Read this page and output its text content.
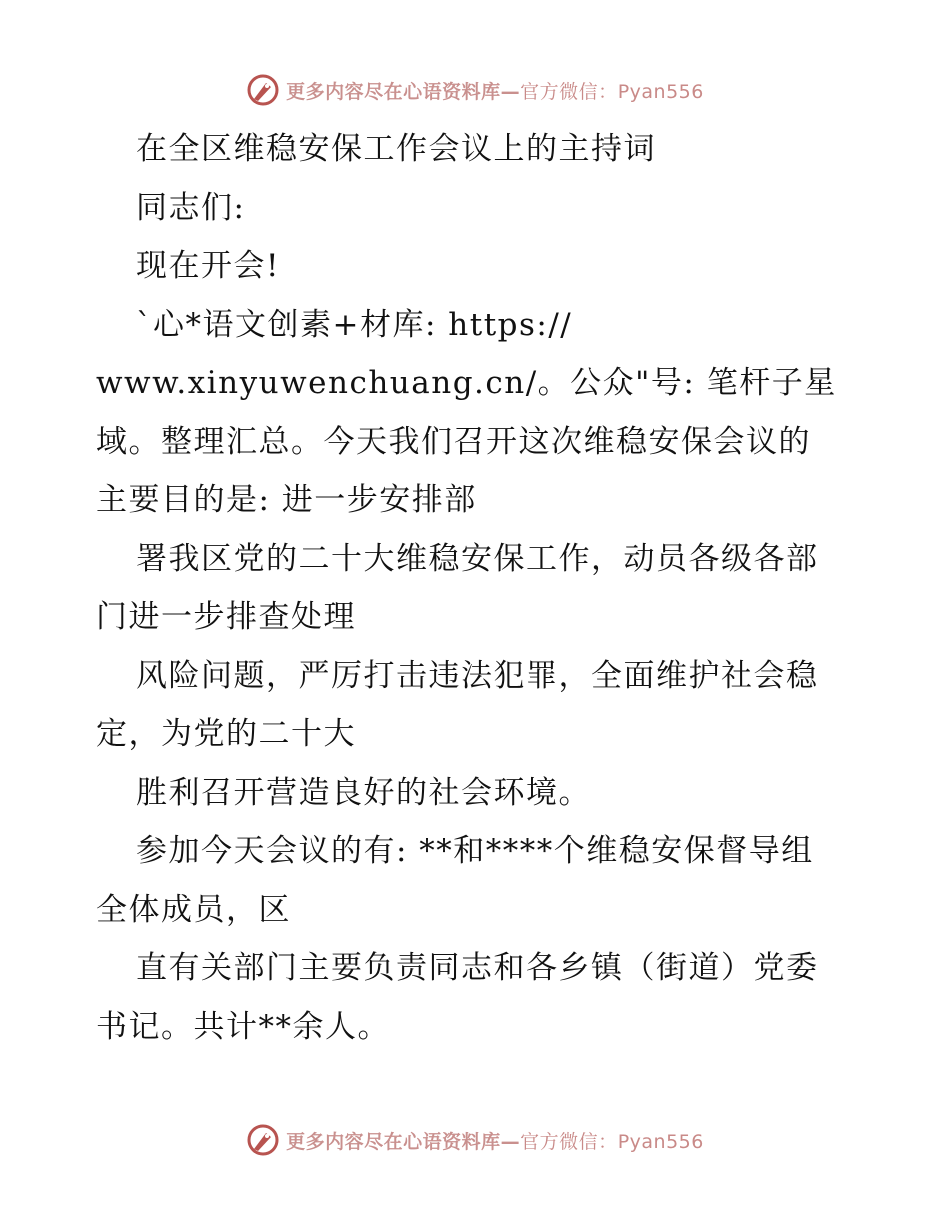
更多内容尽在心语资料库—官方微信：Pyan556
在全区维稳安保工作会议上的主持词
同志们:
现在开会!
`心*语文创素+材库: https://
www.xinyuwenchuang.cn/。公众"号: 笔杆子星
域。整理汇总。今天我们召开这次维稳安保会议的
主要目的是: 进一步安排部
署我区党的二十大维稳安保工作，动员各级各部
门进一步排查处理
风险问题，严厉打击违法犯罪，全面维护社会稳
定，为党的二十大
胜利召开营造良好的社会环境。
参加今天会议的有: **和****个维稳安保督导组
全体成员，区
直有关部门主要负责同志和各乡镇（街道）党委
书记。共计**余人。
更多内容尽在心语资料库—官方微信：Pyan556
